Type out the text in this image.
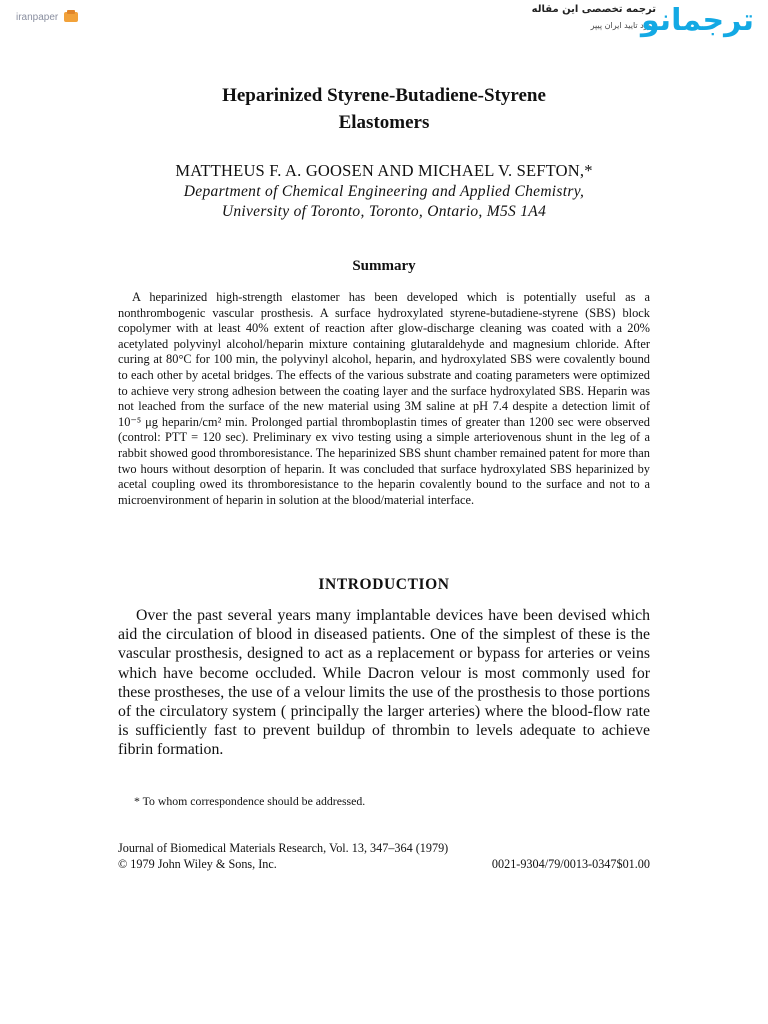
iranpaper
ترجمه تخصصی این مقاله
مورد تایید ایران پیپر
ترجمانو
Heparinized Styrene-Butadiene-Styrene
Elastomers
MATTHEUS F. A. GOOSEN AND MICHAEL V. SEFTON,*
Department of Chemical Engineering and Applied Chemistry,
University of Toronto, Toronto, Ontario, M5S 1A4
Summary
A heparinized high-strength elastomer has been developed which is potentially useful as a nonthrombogenic vascular prosthesis. A surface hydroxylated styrene-butadiene-styrene (SBS) block copolymer with at least 40% extent of reaction after glow-discharge cleaning was coated with a 20% acetylated polyvinyl alcohol/heparin mixture containing glutaraldehyde and magnesium chloride. After curing at 80°C for 100 min, the polyvinyl alcohol, heparin, and hydroxylated SBS were covalently bound to each other by acetal bridges. The effects of the various substrate and coating parameters were optimized to achieve very strong adhesion between the coating layer and the surface hydroxylated SBS. Heparin was not leached from the surface of the new material using 3M saline at pH 7.4 despite a detection limit of 10⁻⁵ μg heparin/cm² min. Prolonged partial thromboplastin times of greater than 1200 sec were observed (control: PTT = 120 sec). Preliminary ex vivo testing using a simple arteriovenous shunt in the leg of a rabbit showed good thromboresistance. The heparinized SBS shunt chamber remained patent for more than two hours without desorption of heparin. It was concluded that surface hydroxylated SBS heparinized by acetal coupling owed its thromboresistance to the heparin covalently bound to the surface and not to a microenvironment of heparin in solution at the blood/material interface.
INTRODUCTION
Over the past several years many implantable devices have been devised which aid the circulation of blood in diseased patients. One of the simplest of these is the vascular prosthesis, designed to act as a replacement or bypass for arteries or veins which have become occluded. While Dacron velour is most commonly used for these prostheses, the use of a velour limits the use of the prosthesis to those portions of the circulatory system ( principally the larger arteries) where the blood-flow rate is sufficiently fast to prevent buildup of thrombin to levels adequate to achieve fibrin formation.
* To whom correspondence should be addressed.
Journal of Biomedical Materials Research, Vol. 13, 347–364 (1979)
© 1979 John Wiley & Sons, Inc.	0021-9304/79/0013-0347$01.00
